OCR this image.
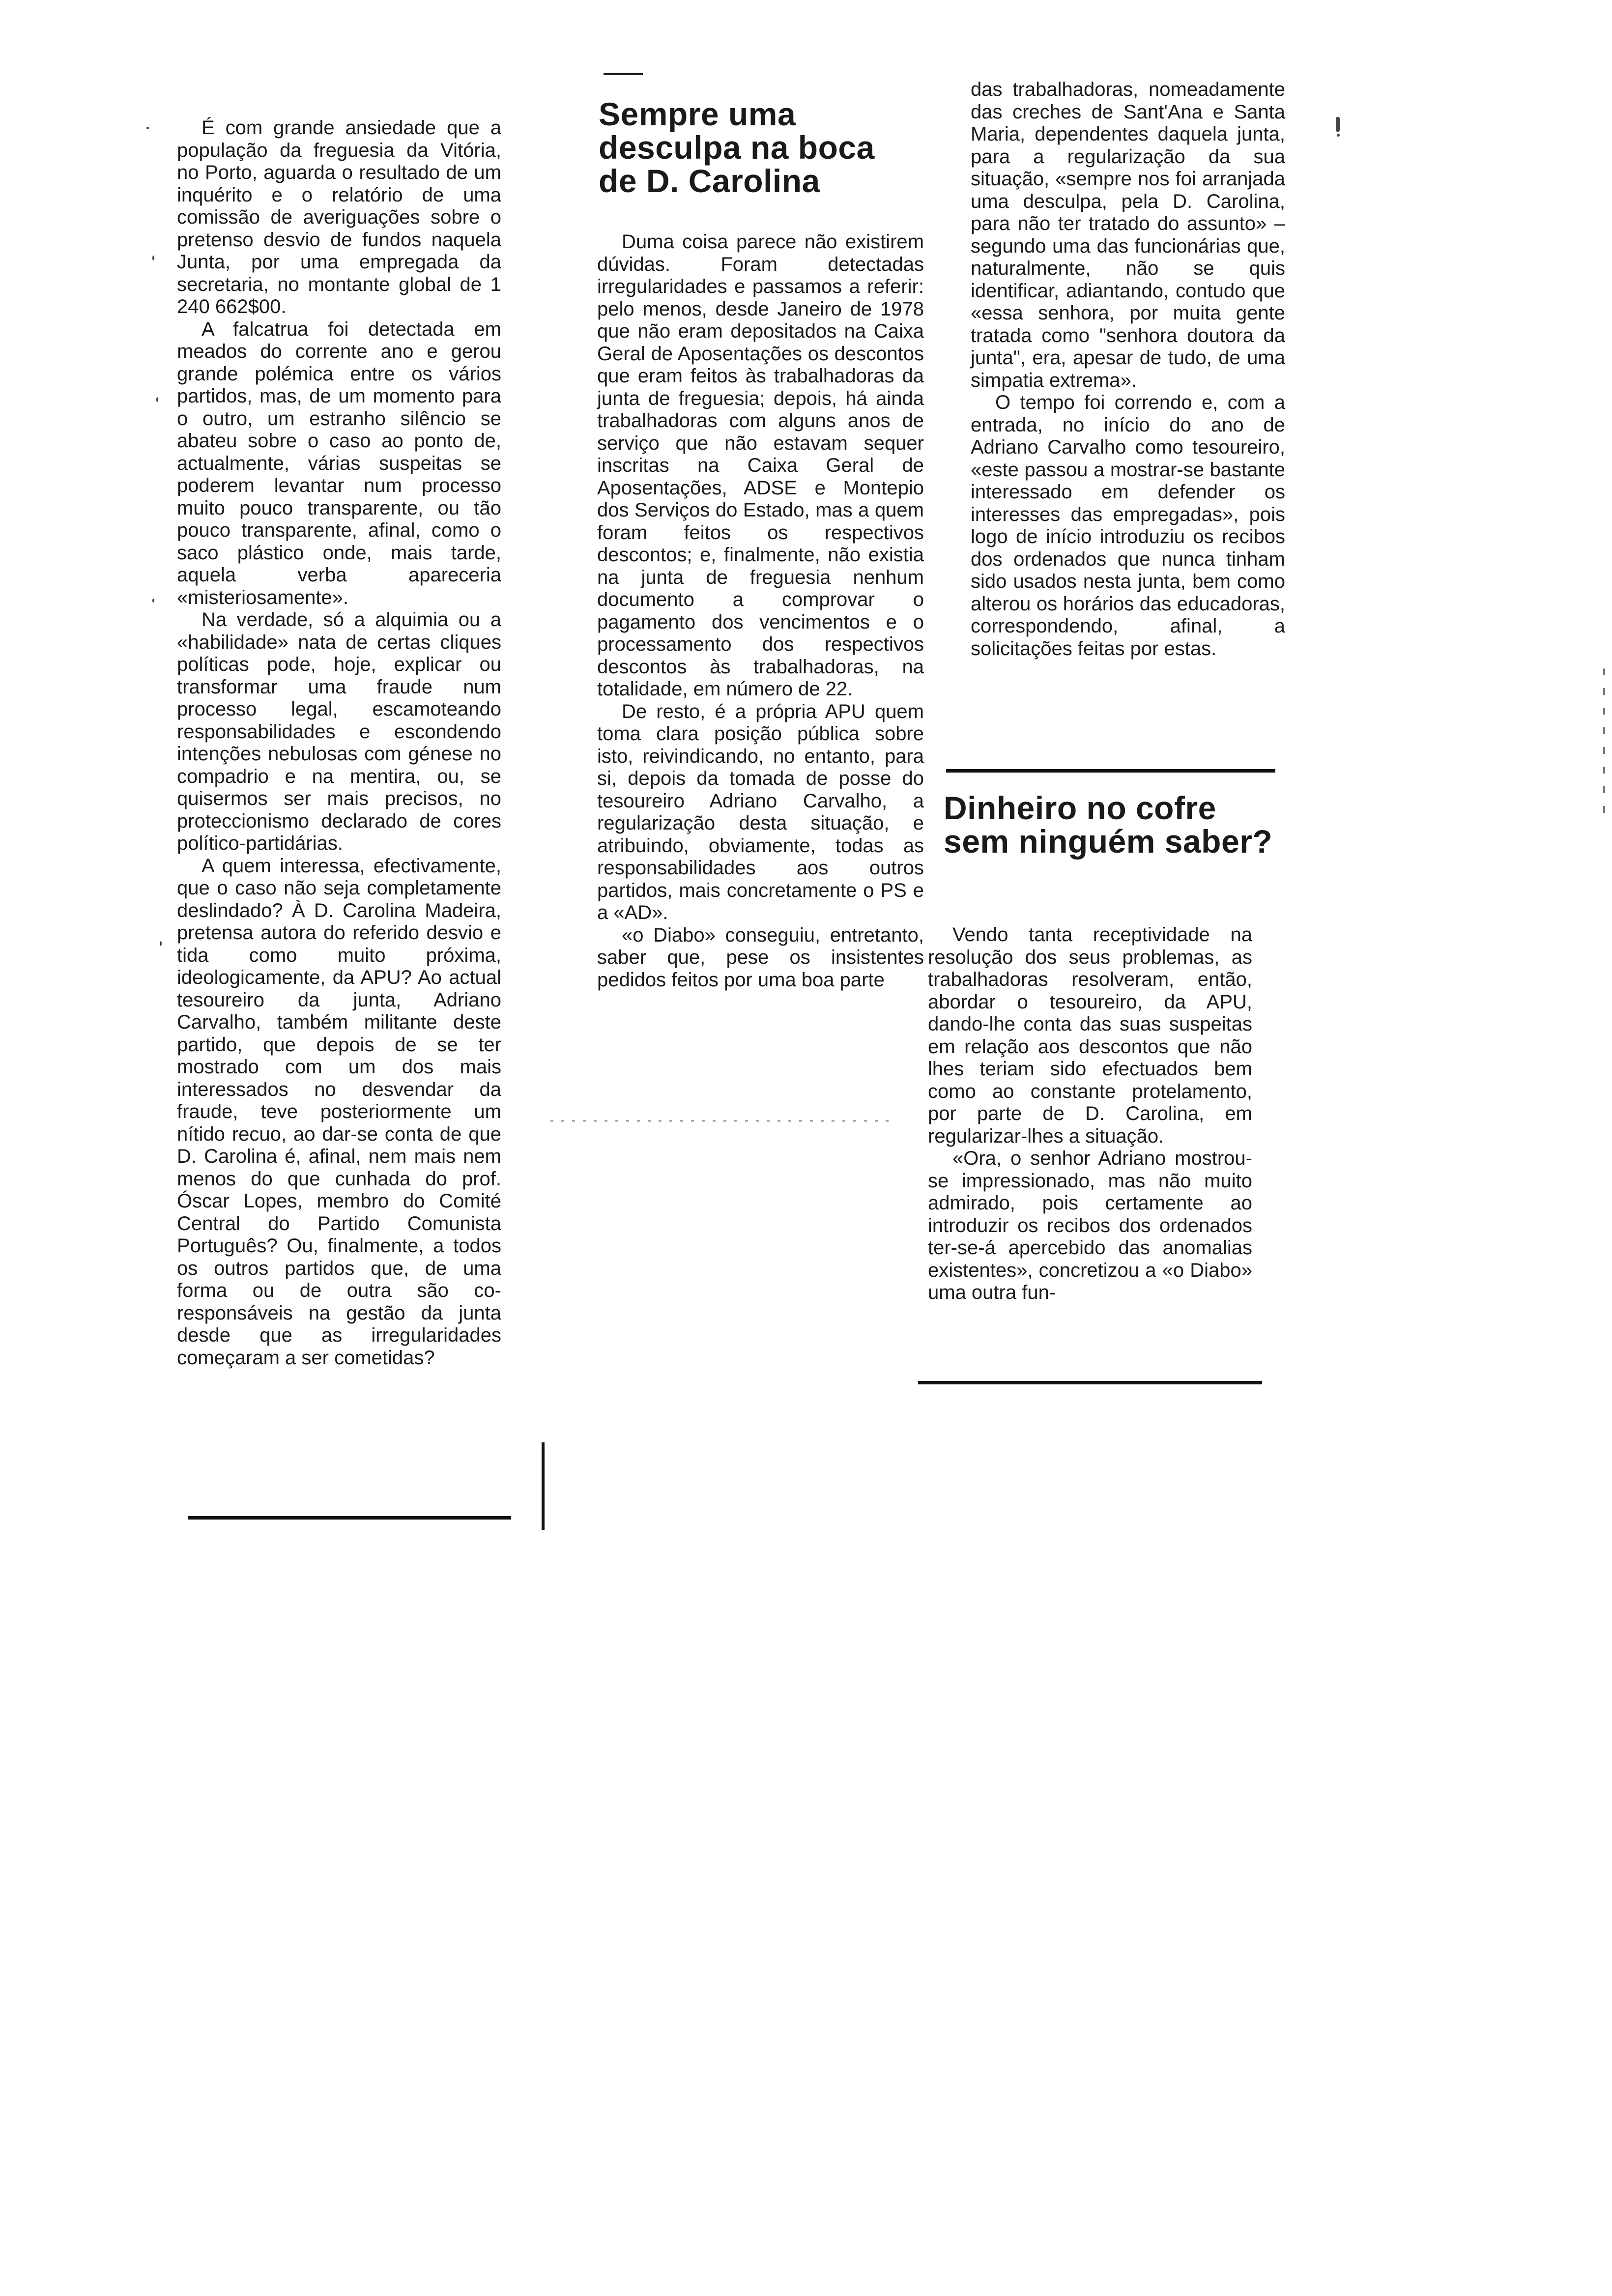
É com grande ansiedade que a população da freguesia da Vitória, no Porto, aguarda o resultado de um inquérito e o relatório de uma comissão de averiguações sobre o pretenso desvio de fundos naquela Junta, por uma empregada da secretaria, no montante global de 1 240 662$00.

A falcatrua foi detectada em meados do corrente ano e gerou grande polémica entre os vários partidos, mas, de um momento para o outro, um estranho silêncio se abateu sobre o caso ao ponto de, actualmente, várias suspeitas se poderem levantar num processo muito pouco transparente, ou tão pouco transparente, afinal, como o saco plástico onde, mais tarde, aquela verba apareceria «misteriosamente».

Na verdade, só a alquimia ou a «habilidade» nata de certas cliques políticas pode, hoje, explicar ou transformar uma fraude num processo legal, escamoteando responsabilidades e escondendo intenções nebulosas com génese no compadrio e na mentira, ou, se quisermos ser mais precisos, no proteccionismo declarado de cores político-partidárias.

A quem interessa, efectivamente, que o caso não seja completamente deslindado? À D. Carolina Madeira, pretensa autora do referido desvio e tida como muito próxima, ideologicamente, da APU? Ao actual tesoureiro da junta, Adriano Carvalho, também militante deste partido, que depois de se ter mostrado com um dos mais interessados no desvendar da fraude, teve posteriormente um nítido recuo, ao dar-se conta de que D. Carolina é, afinal, nem mais nem menos do que cunhada do prof. Óscar Lopes, membro do Comité Central do Partido Comunista Português? Ou, finalmente, a todos os outros partidos que, de uma forma ou de outra são co-responsáveis na gestão da junta desde que as irregularidades começaram a ser cometidas?

Sempre uma desculpa na boca de D. Carolina

Duma coisa parece não existirem dúvidas. Foram detectadas irregularidades e passamos a referir: pelo menos, desde Janeiro de 1978 que não eram depositados na Caixa Geral de Aposentações os descontos que eram feitos às trabalhadoras da junta de freguesia; depois, há ainda trabalhadoras com alguns anos de serviço que não estavam sequer inscritas na Caixa Geral de Aposentações, ADSE e Montepio dos Serviços do Estado, mas a quem foram feitos os respectivos descontos; e, finalmente, não existia na junta de freguesia nenhum documento a comprovar o pagamento dos vencimentos e o processamento dos respectivos descontos às trabalhadoras, na totalidade, em número de 22.

De resto, é a própria APU quem toma clara posição pública sobre isto, reivindicando, no entanto, para si, depois da tomada de posse do tesoureiro Adriano Carvalho, a regularização desta situação, e atribuindo, obviamente, todas as responsabilidades aos outros partidos, mais concretamente o PS e a «AD».

«o Diabo» conseguiu, entretanto, saber que, pese os insistentes pedidos feitos por uma boa parte

das trabalhadoras, nomeadamente das creches de Sant'Ana e Santa Maria, dependentes daquela junta, para a regularização da sua situação, «sempre nos foi arranjada uma desculpa, pela D. Carolina, para não ter tratado do assunto» – segundo uma das funcionárias que, naturalmente, não se quis identificar, adiantando, contudo que «essa senhora, por muita gente tratada como "senhora doutora da junta", era, apesar de tudo, de uma simpatia extrema».

O tempo foi correndo e, com a entrada, no início do ano de Adriano Carvalho como tesoureiro, «este passou a mostrar-se bastante interessado em defender os interesses das empregadas», pois logo de início introduziu os recibos dos ordenados que nunca tinham sido usados nesta junta, bem como alterou os horários das educadoras, correspondendo, afinal, a solicitações feitas por estas.

Dinheiro no cofre sem ninguém saber?

Vendo tanta receptividade na resolução dos seus problemas, as trabalhadoras resolveram, então, abordar o tesoureiro, da APU, dando-lhe conta das suas suspeitas em relação aos descontos que não lhes teriam sido efectuados bem como ao constante protelamento, por parte de D. Carolina, em regularizar-lhes a situação.

«Ora, o senhor Adriano mostrou-se impressionado, mas não muito admirado, pois certamente ao introduzir os recibos dos ordenados ter-se-á apercebido das anomalias existentes», concretizou a «o Diabo» uma outra fun-
